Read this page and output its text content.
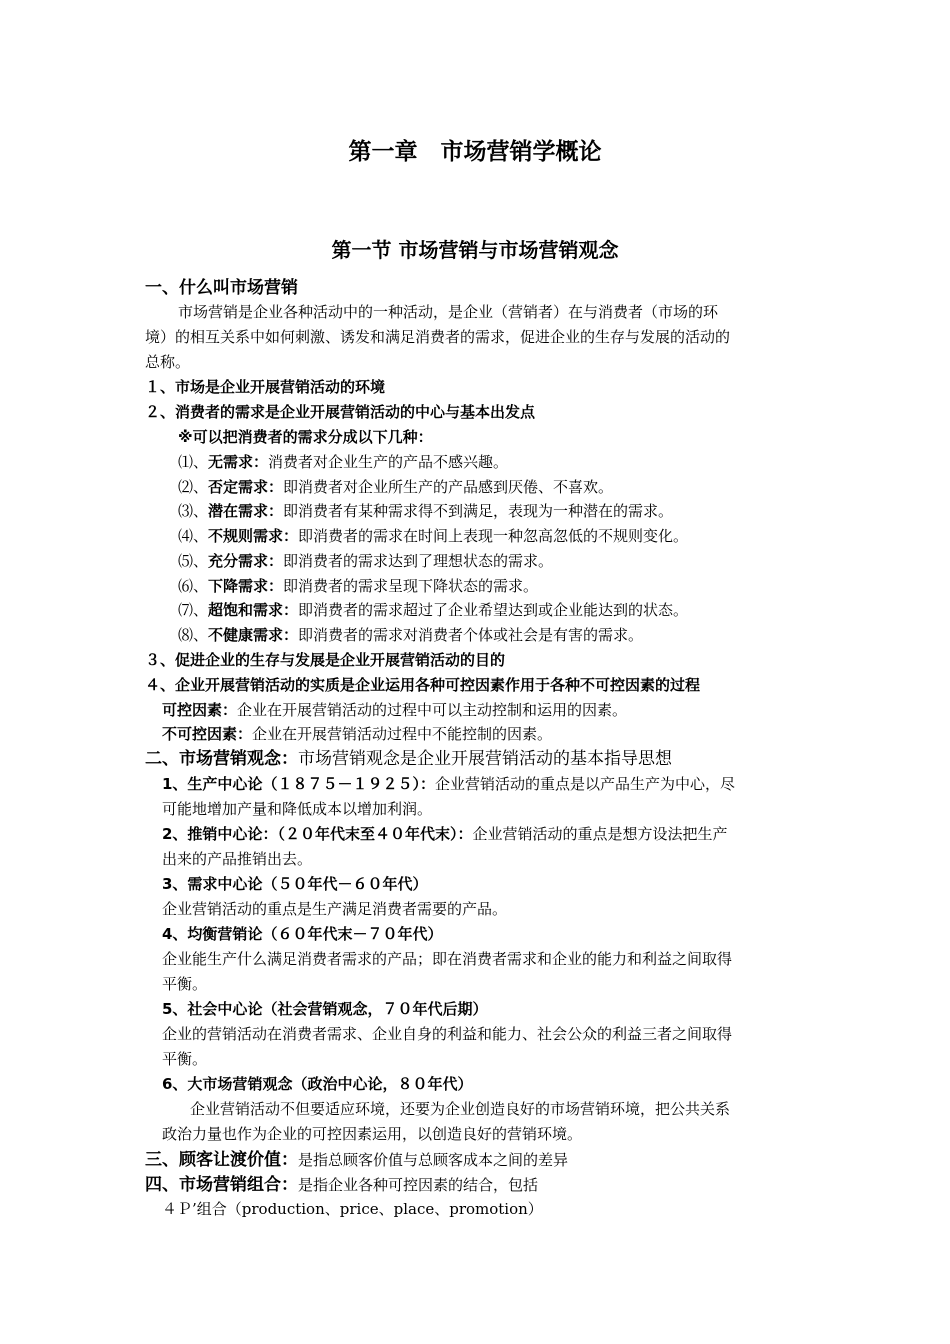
第一章　市场营销学概论
第一节 市场营销与市场营销观念
一、什么叫市场营销
市场营销是企业各种活动中的一种活动，是企业（营销者）在与消费者（市场的环
境）的相互关系中如何刺激、诱发和满足消费者的需求，促进企业的生存与发展的活动的
总称。
１、市场是企业开展营销活动的环境
２、消费者的需求是企业开展营销活动的中心与基本出发点
※可以把消费者的需求分成以下几种：
⑴、无需求：消费者对企业生产的产品不感兴趣。
⑵、否定需求：即消费者对企业所生产的产品感到厌倦、不喜欢。
⑶、潜在需求：即消费者有某种需求得不到满足，表现为一种潜在的需求。
⑷、不规则需求：即消费者的需求在时间上表现一种忽高忽低的不规则变化。
⑸、充分需求：即消费者的需求达到了理想状态的需求。
⑹、下降需求：即消费者的需求呈现下降状态的需求。
⑺、超饱和需求：即消费者的需求超过了企业希望达到或企业能达到的状态。
⑻、不健康需求：即消费者的需求对消费者个体或社会是有害的需求。
３、促进企业的生存与发展是企业开展营销活动的目的
４、企业开展营销活动的实质是企业运用各种可控因素作用于各种不可控因素的过程
可控因素：企业在开展营销活动的过程中可以主动控制和运用的因素。
不可控因素：企业在开展营销活动过程中不能控制的因素。
二、市场营销观念：市场营销观念是企业开展营销活动的基本指导思想
1、生产中心论（１８７５－１９２５）：企业营销活动的重点是以产品生产为中心，尽
可能地增加产量和降低成本以增加利润。
2、推销中心论：（２０年代末至４０年代末）：企业营销活动的重点是想方设法把生产
出来的产品推销出去。
3、需求中心论（５０年代－６０年代）
企业营销活动的重点是生产满足消费者需要的产品。
4、均衡营销论（６０年代末－７０年代）
企业能生产什么满足消费者需求的产品；即在消费者需求和企业的能力和利益之间取得
平衡。
5、社会中心论（社会营销观念，７０年代后期）
企业的营销活动在消费者需求、企业自身的利益和能力、社会公众的利益三者之间取得
平衡。
6、大市场营销观念（政治中心论，８０年代）
企业营销活动不但要适应环境，还要为企业创造良好的市场营销环境，把公共关系
政治力量也作为企业的可控因素运用，以创造良好的营销环境。
三、顾客让渡价值：是指总顾客价值与总顾客成本之间的差异
四、市场营销组合：是指企业各种可控因素的结合，包括
４Ｐ’组合（production、price、place、promotion）
